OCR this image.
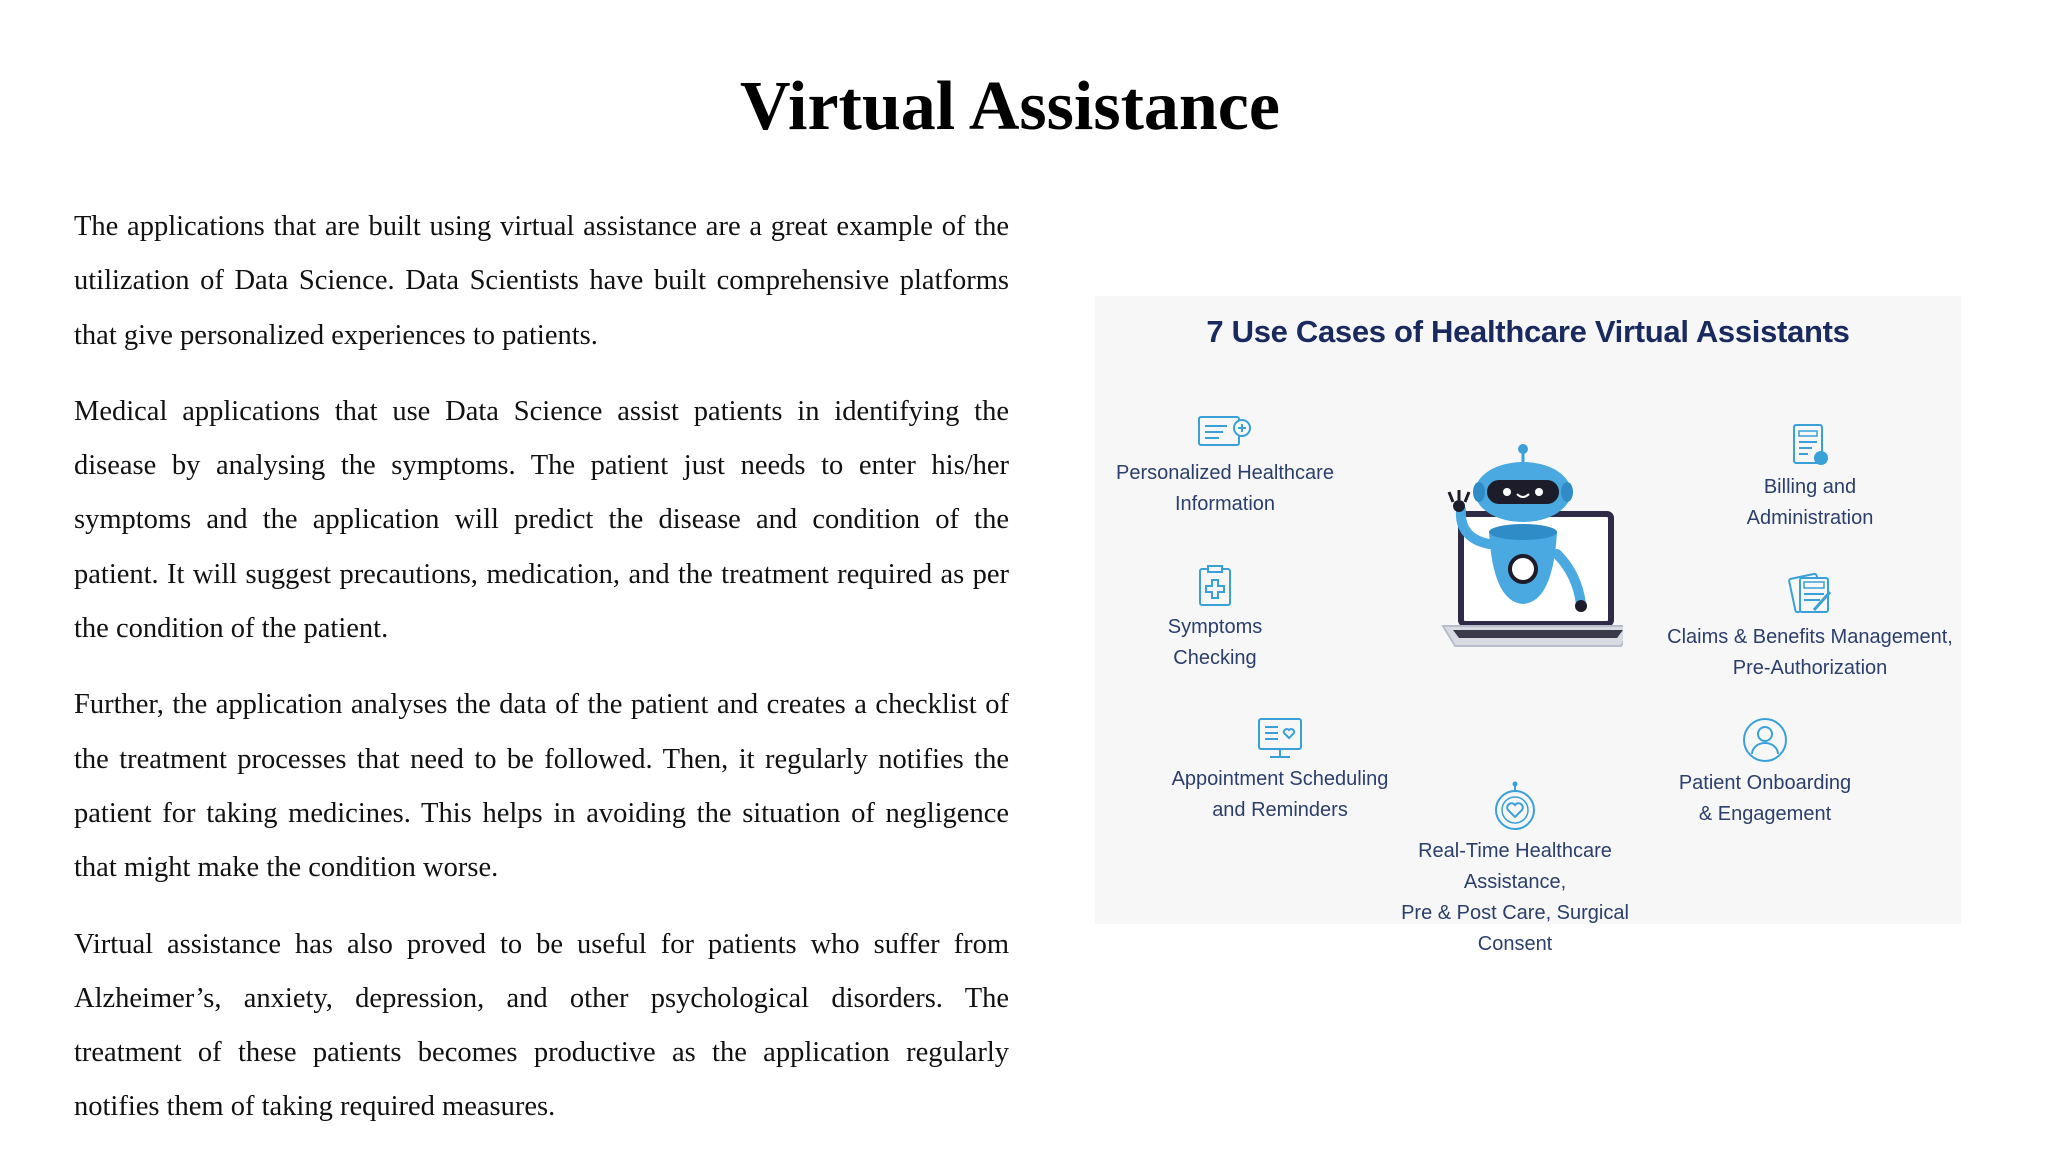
Virtual Assistance

The applications that are built using virtual assistance are a great example of the utilization of Data Science. Data Scientists have built comprehensive platforms that give personalized experiences to patients.

Medical applications that use Data Science assist patients in identifying the disease by analysing the symptoms. The patient just needs to enter his/her symptoms and the application will predict the disease and condition of the patient. It will suggest precautions, medication, and the treatment required as per the condition of the patient.

Further, the application analyses the data of the patient and creates a checklist of the treatment processes that need to be followed. Then, it regularly notifies the patient for taking medicines. This helps in avoiding the situation of negligence that might make the condition worse.

Virtual assistance has also proved to be useful for patients who suffer from Alzheimer’s, anxiety, depression, and other psychological disorders. The treatment of these patients becomes productive as the application regularly notifies them of taking required measures.

7 Use Cases of Healthcare Virtual Assistants
Personalized Healthcare
Information
Symptoms
Checking
Appointment Scheduling
and Reminders
Real-Time Healthcare Assistance,
Pre & Post Care, Surgical Consent
Patient Onboarding
& Engagement
Claims & Benefits Management,
Pre-Authorization
Billing and
Administration
